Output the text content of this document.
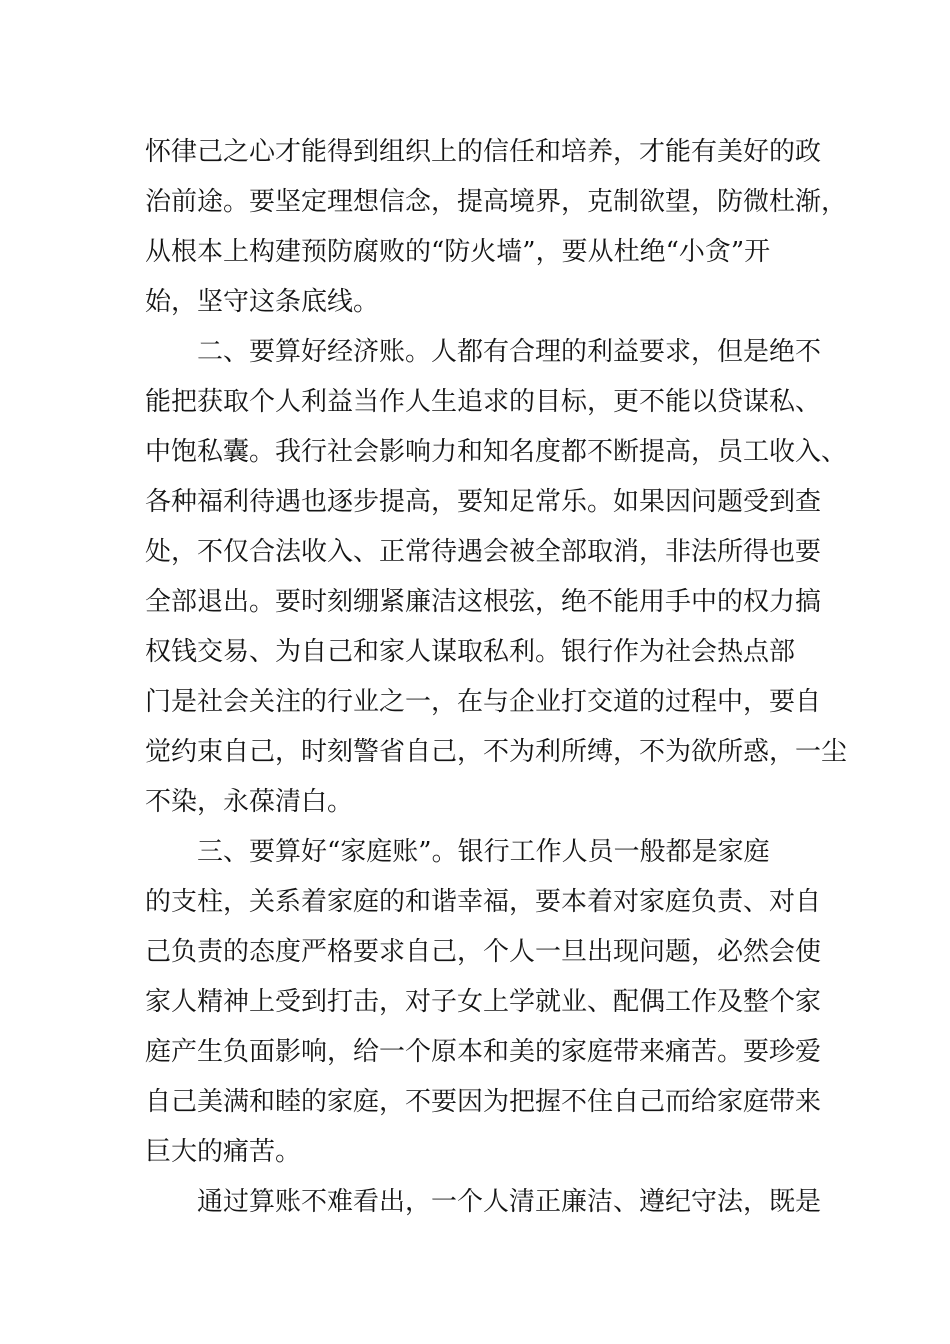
怀律己之心才能得到组织上的信任和培养，才能有美好的政
治前途。要坚定理想信念，提高境界，克制欲望，防微杜渐，
从根本上构建预防腐败的“防火墙”，要从杜绝“小贪”开
始，坚守这条底线。
二、要算好经济账。人都有合理的利益要求，但是绝不
能把获取个人利益当作人生追求的目标，更不能以贷谋私、
中饱私囊。我行社会影响力和知名度都不断提高，员工收入、
各种福利待遇也逐步提高，要知足常乐。如果因问题受到查
处，不仅合法收入、正常待遇会被全部取消，非法所得也要
全部退出。要时刻绷紧廉洁这根弦，绝不能用手中的权力搞
权钱交易、为自己和家人谋取私利。银行作为社会热点部
门是社会关注的行业之一，在与企业打交道的过程中，要自
觉约束自己，时刻警省自己，不为利所缚，不为欲所惑，一尘
不染，永葆清白。
三、要算好“家庭账”。银行工作人员一般都是家庭
的支柱，关系着家庭的和谐幸福，要本着对家庭负责、对自
己负责的态度严格要求自己，个人一旦出现问题，必然会使
家人精神上受到打击，对子女上学就业、配偶工作及整个家
庭产生负面影响，给一个原本和美的家庭带来痛苦。要珍爱
自己美满和睦的家庭，不要因为把握不住自己而给家庭带来
巨大的痛苦。
通过算账不难看出，一个人清正廉洁、遵纪守法，既是
